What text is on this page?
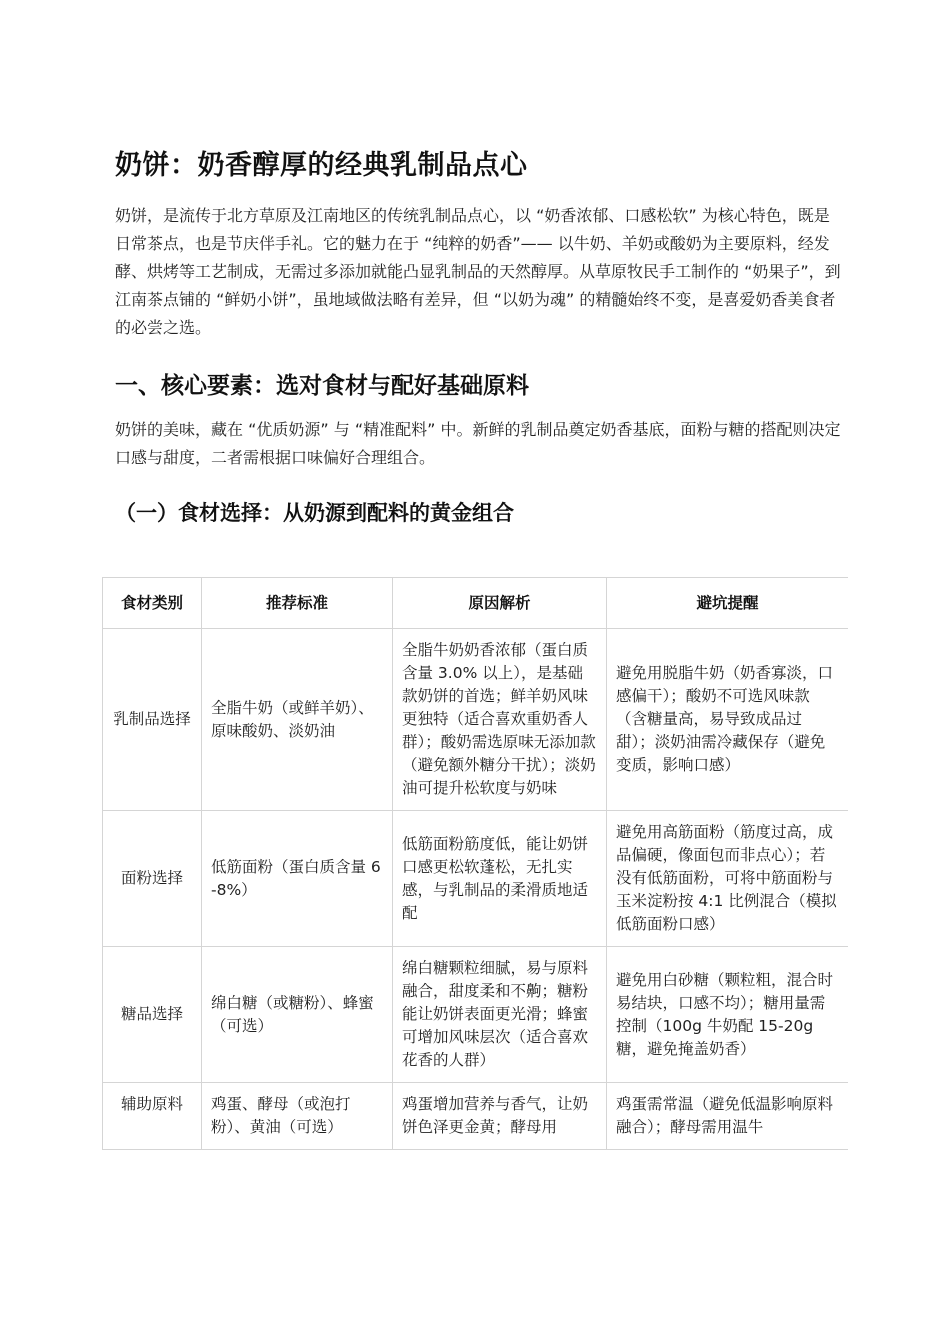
奶饼：奶香醇厚的经典乳制品点心

奶饼，是流传于北方草原及江南地区的传统乳制品点心，以 “奶香浓郁、口感松软” 为核心特色，既是日常茶点，也是节庆伴手礼。它的魅力在于 “纯粹的奶香”—— 以牛奶、羊奶或酸奶为主要原料，经发酵、烘烤等工艺制成，无需过多添加就能凸显乳制品的天然醇厚。从草原牧民手工制作的 “奶果子”，到江南茶点铺的 “鲜奶小饼”，虽地域做法略有差异，但 “以奶为魂” 的精髓始终不变，是喜爱奶香美食者的必尝之选。

一、核心要素：选对食材与配好基础原料

奶饼的美味，藏在 “优质奶源” 与 “精准配料” 中。新鲜的乳制品奠定奶香基底，面粉与糖的搭配则决定口感与甜度，二者需根据口味偏好合理组合。

（一）食材选择：从奶源到配料的黄金组合
食材类别	推荐标准	原因解析	避坑提醒
乳制品选择	全脂牛奶（或鲜羊奶）、原味酸奶、淡奶油	全脂牛奶奶香浓郁（蛋白质含量 3.0% 以上），是基础款奶饼的首选；鲜羊奶风味更独特（适合喜欢重奶香人群）；酸奶需选原味无添加款（避免额外糖分干扰）；淡奶油可提升松软度与奶味	避免用脱脂牛奶（奶香寡淡，口感偏干）；酸奶不可选风味款（含糖量高，易导致成品过甜）；淡奶油需冷藏保存（避免变质，影响口感）
面粉选择	低筋面粉（蛋白质含量 6-8%）	低筋面粉筋度低，能让奶饼口感更松软蓬松，无扎实感，与乳制品的柔滑质地适配	避免用高筋面粉（筋度过高，成品偏硬，像面包而非点心）；若没有低筋面粉，可将中筋面粉与玉米淀粉按 4:1 比例混合（模拟低筋面粉口感）
糖品选择	绵白糖（或糖粉）、蜂蜜（可选）	绵白糖颗粒细腻，易与原料融合，甜度柔和不齁；糖粉能让奶饼表面更光滑；蜂蜜可增加风味层次（适合喜欢花香的人群）	避免用白砂糖（颗粒粗，混合时易结块，口感不均）；糖用量需控制（100g 牛奶配 15-20g 糖，避免掩盖奶香）
辅助原料	鸡蛋、酵母（或泡打粉）、黄油（可选）	鸡蛋增加营养与香气，让奶饼色泽更金黄；酵母用	鸡蛋需常温（避免低温影响原料融合）；酵母需用温牛
